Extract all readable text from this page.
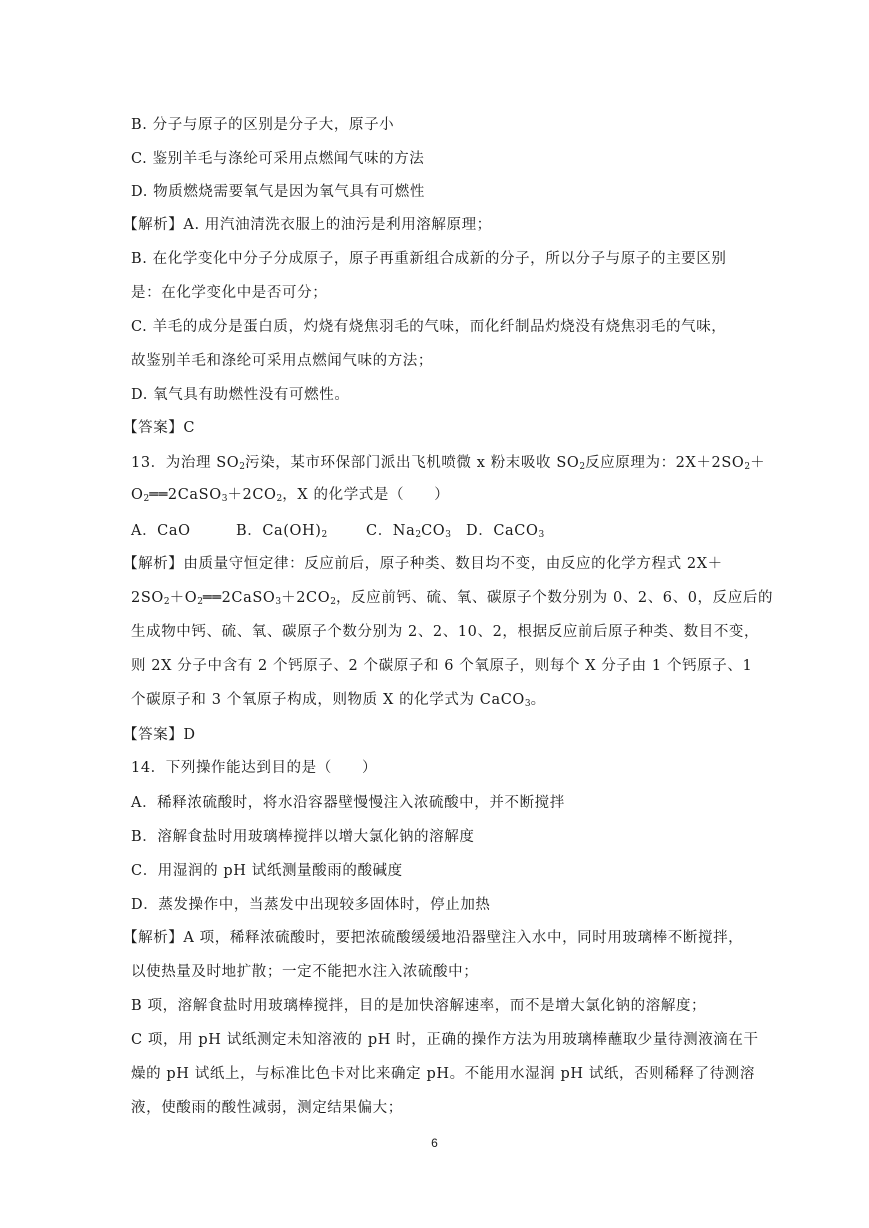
B. 分子与原子的区别是分子大，原子小
C. 鉴别羊毛与涤纶可采用点燃闻气味的方法
D. 物质燃烧需要氧气是因为氧气具有可燃性
【解析】A. 用汽油清洗衣服上的油污是利用溶解原理；
B. 在化学变化中分子分成原子，原子再重新组合成新的分子，所以分子与原子的主要区别
是：在化学变化中是否可分；
C. 羊毛的成分是蛋白质，灼烧有烧焦羽毛的气味，而化纤制品灼烧没有烧焦羽毛的气味，
故鉴别羊毛和涤纶可采用点燃闻气味的方法；
D. 氧气具有助燃性没有可燃性。
【答案】C
13．为治理 $SO_2$污染，某市环保部门派出飞机喷微 x 粉末吸收 $SO_2$反应原理为：$2X+2SO_2+$
$O_2══2CaSO_3+2CO_2$，X 的化学式是（　　）
A．CaO	B．$Ca(OH)_2$	C．$Na_2CO_3$ D．CaCO$_3$
【解析】由质量守恒定律：反应前后，原子种类、数目均不变，由反应的化学方程式 2X＋
$2SO_2+O_2══2CaSO_3+2CO_2$，反应前钙、硫、氧、碳原子个数分别为 0、2、6、0，反应后的
生成物中钙、硫、氧、碳原子个数分别为 2、2、10、2，根据反应前后原子种类、数目不变，
则 2X 分子中含有 2 个钙原子、2 个碳原子和 6 个氧原子，则每个 X 分子由 1 个钙原子、1
个碳原子和 3 个氧原子构成，则物质 X 的化学式为 CaCO$_3$。
【答案】D
14．下列操作能达到目的是（　　）
A．稀释浓硫酸时，将水沿容器壁慢慢注入浓硫酸中，并不断搅拌
B．溶解食盐时用玻璃棒搅拌以增大氯化钠的溶解度
C．用湿润的 pH 试纸测量酸雨的酸碱度
D．蒸发操作中，当蒸发中出现较多固体时，停止加热
【解析】A 项，稀释浓硫酸时，要把浓硫酸缓缓地沿器壁注入水中，同时用玻璃棒不断搅拌，
以使热量及时地扩散；一定不能把水注入浓硫酸中；
B 项，溶解食盐时用玻璃棒搅拌，目的是加快溶解速率，而不是增大氯化钠的溶解度；
C 项，用 pH 试纸测定未知溶液的 pH 时，正确的操作方法为用玻璃棒蘸取少量待测液滴在干
燥的 pH 试纸上，与标准比色卡对比来确定 pH。不能用水湿润 pH 试纸，否则稀释了待测溶
液，使酸雨的酸性减弱，测定结果偏大；
6
